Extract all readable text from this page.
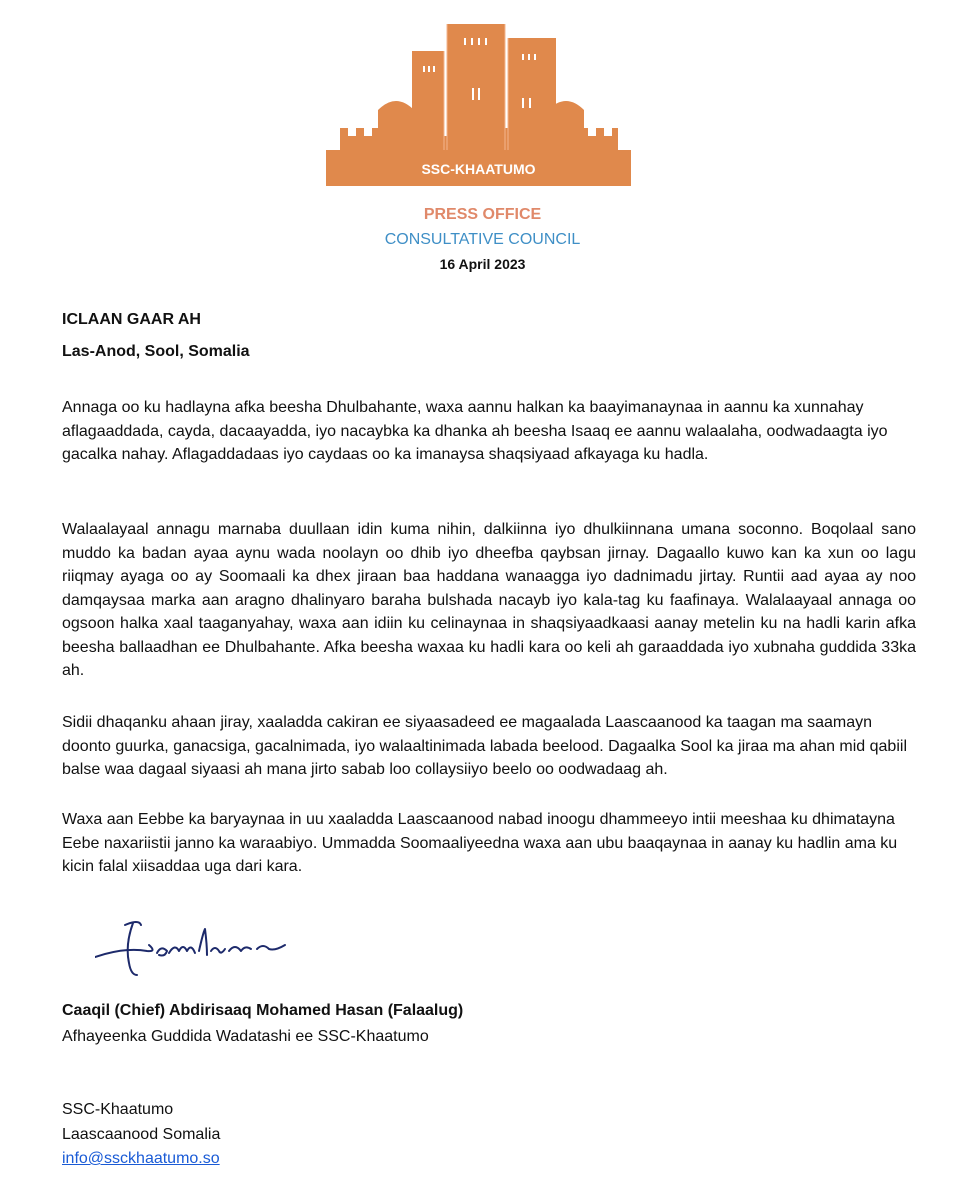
SSC-KHAATUMO
PRESS OFFICE
CONSULTATIVE COUNCIL
16 April 2023
ICLAAN GAAR AH
Las-Anod, Sool, Somalia

Annaga oo ku hadlayna afka beesha Dhulbahante, waxa aannu halkan ka baayimanaynaa in aannu ka xunnahay aflagaaddada, cayda, dacaayadda, iyo nacaybka ka dhanka ah beesha Isaaq ee aannu walaalaha, oodwadaagta iyo gacalka nahay. Aflagaddadaas iyo caydaas oo ka imanaysa shaqsiyaad afkayaga ku hadla.

Walaalayaal annagu marnaba duullaan idin kuma nihin, dalkiinna iyo dhulkiinnana umana soconno. Boqolaal sano muddo ka badan ayaa aynu wada noolayn oo dhib iyo dheefba qaybsan jirnay. Dagaallo kuwo kan ka xun oo lagu riiqmay ayaga oo ay Soomaali ka dhex jiraan baa haddana wanaagga iyo dadnimadu jirtay. Runtii aad ayaa ay noo damqaysaa marka aan aragno dhalinyaro baraha bulshada nacayb iyo kala-tag ku faafinaya. Walalaayaal annaga oo ogsoon halka xaal taaganyahay, waxa aan idiin ku celinaynaa in shaqsiyaadkaasi aanay metelin ku na hadli karin afka beesha ballaadhan ee Dhulbahante. Afka beesha waxaa ku hadli kara oo keli ah garaaddada iyo xubnaha guddida 33ka ah.

Sidii dhaqanku ahaan jiray, xaaladda cakiran ee siyaasadeed ee magaalada Laascaanood ka taagan ma saamayn doonto guurka, ganacsiga, gacalnimada, iyo walaaltinimada labada beelood. Dagaalka Sool ka jiraa ma ahan mid qabiil balse waa dagaal siyaasi ah mana jirto sabab loo collaysiiyo beelo oo oodwadaag ah.

Waxa aan Eebbe ka baryaynaa in uu xaaladda Laascaanood nabad inoogu dhammeeyo intii meeshaa ku dhimatayna Eebe naxariistii janno ka waraabiyo. Ummadda Soomaaliyeedna waxa aan ubu baaqaynaa in aanay ku hadlin ama ku kicin falal xiisaddaa uga dari kara.

Caaqil (Chief) Abdirisaaq Mohamed Hasan (Falaalug)
Afhayeenka Guddida Wadatashi ee SSC-Khaatumo
SSC-Khaatumo
Laascaanood Somalia
info@ssckhaatumo.so
